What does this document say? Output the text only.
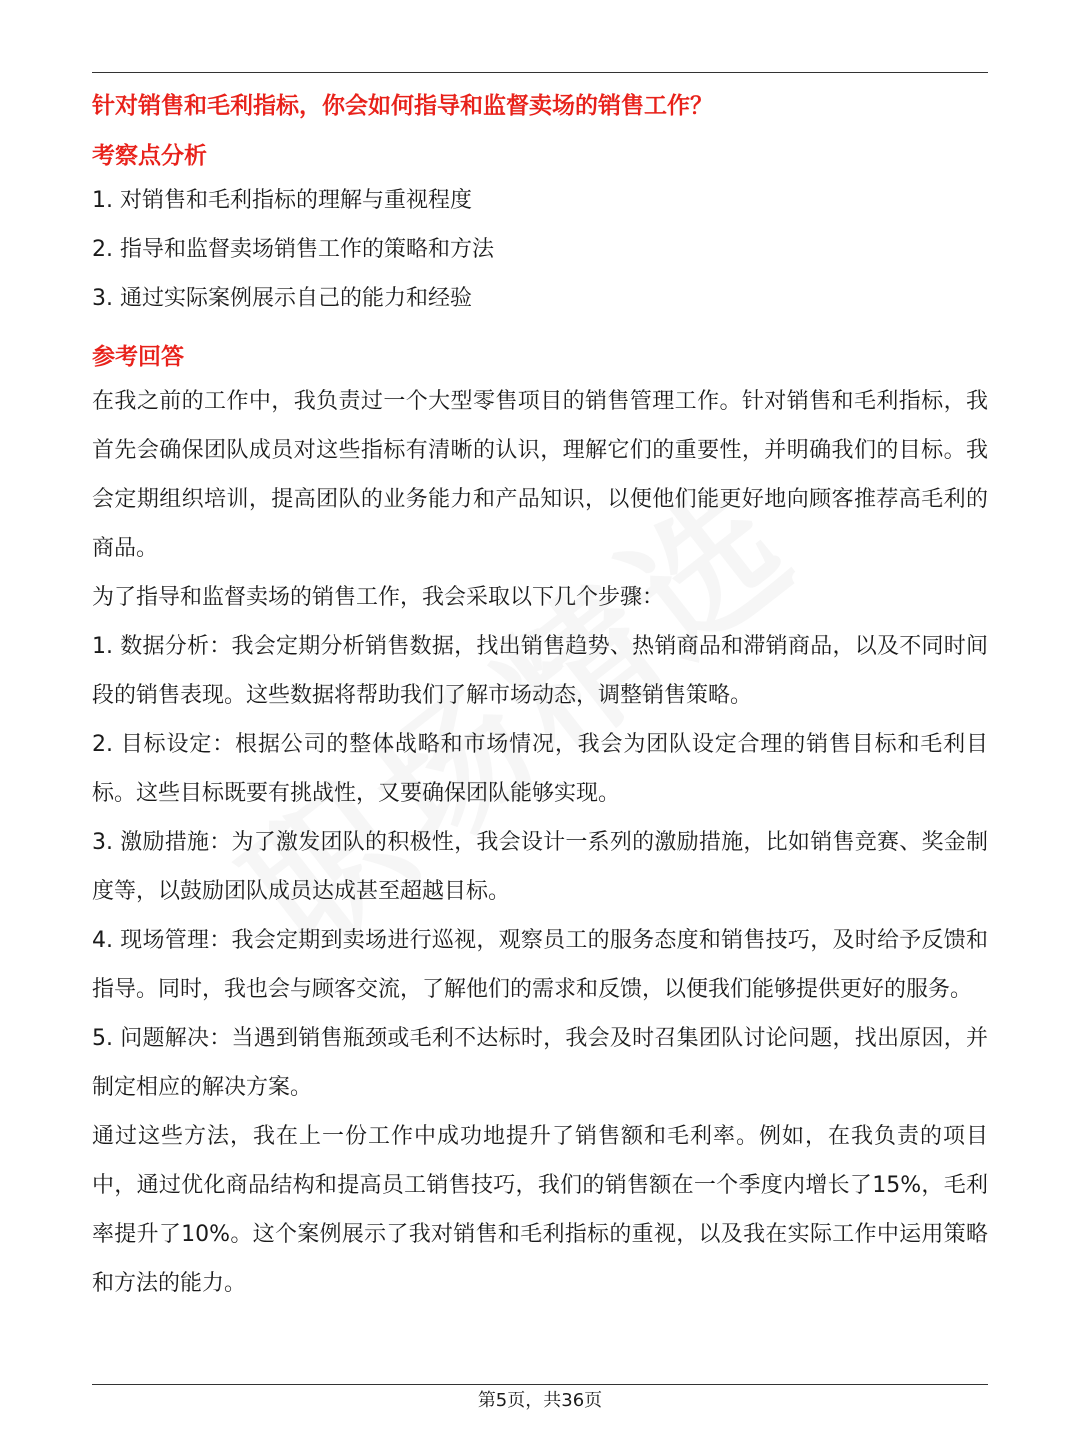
针对销售和毛利指标，你会如何指导和监督卖场的销售工作？
考察点分析

1. 对销售和毛利指标的理解与重视程度

2. 指导和监督卖场销售工作的策略和方法

3. 通过实际案例展示自己的能力和经验

参考回答

在我之前的工作中，我负责过一个大型零售项目的销售管理工作。针对销售和毛利指标，我首先会确保团队成员对这些指标有清晰的认识，理解它们的重要性，并明确我们的目标。我会定期组织培训，提高团队的业务能力和产品知识，以便他们能更好地向顾客推荐高毛利的商品。

为了指导和监督卖场的销售工作，我会采取以下几个步骤：

1. 数据分析：我会定期分析销售数据，找出销售趋势、热销商品和滞销商品，以及不同时间段的销售表现。这些数据将帮助我们了解市场动态，调整销售策略。

2. 目标设定：根据公司的整体战略和市场情况，我会为团队设定合理的销售目标和毛利目标。这些目标既要有挑战性，又要确保团队能够实现。

3. 激励措施：为了激发团队的积极性，我会设计一系列的激励措施，比如销售竞赛、奖金制度等，以鼓励团队成员达成甚至超越目标。

4. 现场管理：我会定期到卖场进行巡视，观察员工的服务态度和销售技巧，及时给予反馈和指导。同时，我也会与顾客交流，了解他们的需求和反馈，以便我们能够提供更好的服务。

5. 问题解决：当遇到销售瓶颈或毛利不达标时，我会及时召集团队讨论问题，找出原因，并制定相应的解决方案。

通过这些方法，我在上一份工作中成功地提升了销售额和毛利率。例如，在我负责的项目中，通过优化商品结构和提高员工销售技巧，我们的销售额在一个季度内增长了15%，毛利率提升了10%。这个案例展示了我对销售和毛利指标的重视，以及我在实际工作中运用策略和方法的能力。

第5页，共36页
